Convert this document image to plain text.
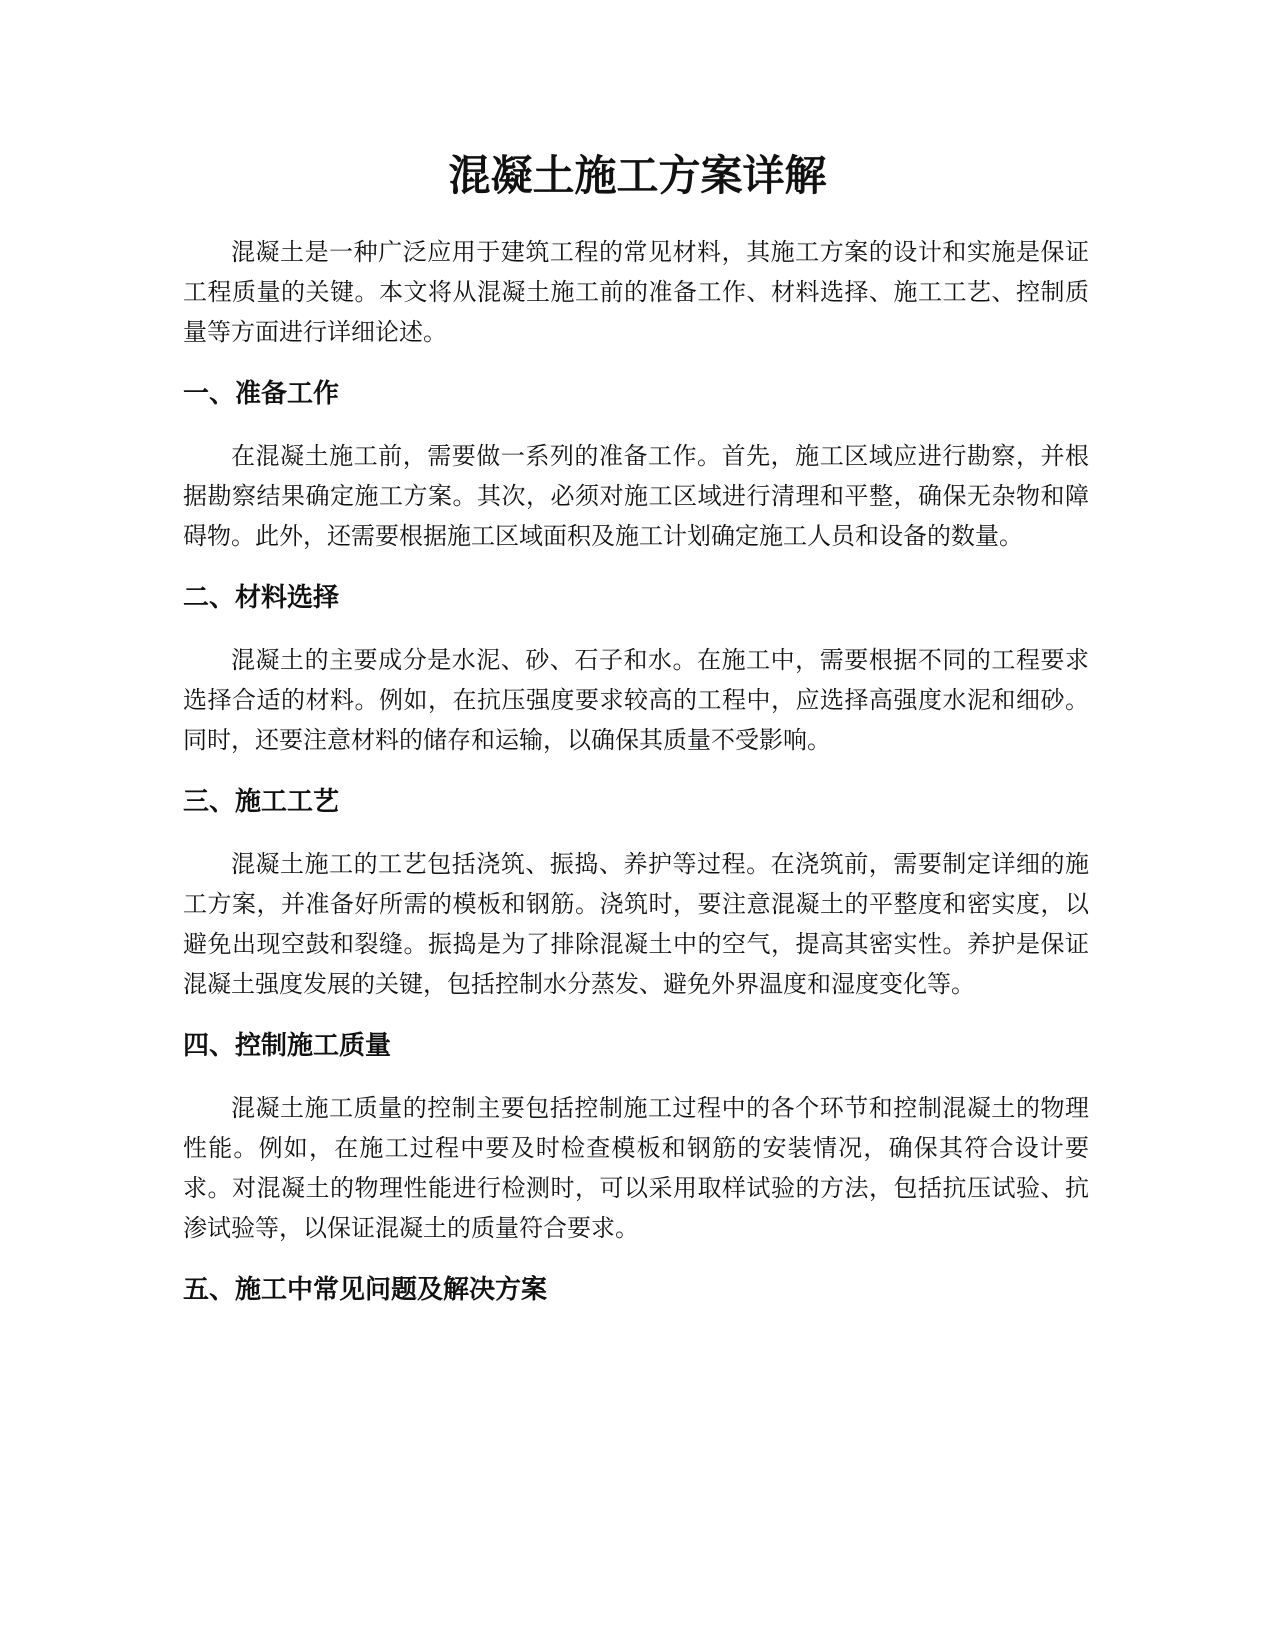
混凝土施工方案详解

混凝土是一种广泛应用于建筑工程的常见材料，其施工方案的设计和实施是保证工程质量的关键。本文将从混凝土施工前的准备工作、材料选择、施工工艺、控制质量等方面进行详细论述。

一、准备工作

在混凝土施工前，需要做一系列的准备工作。首先，施工区域应进行勘察，并根据勘察结果确定施工方案。其次，必须对施工区域进行清理和平整，确保无杂物和障碍物。此外，还需要根据施工区域面积及施工计划确定施工人员和设备的数量。

二、材料选择

混凝土的主要成分是水泥、砂、石子和水。在施工中，需要根据不同的工程要求选择合适的材料。例如，在抗压强度要求较高的工程中，应选择高强度水泥和细砂。同时，还要注意材料的储存和运输，以确保其质量不受影响。

三、施工工艺

混凝土施工的工艺包括浇筑、振捣、养护等过程。在浇筑前，需要制定详细的施工方案，并准备好所需的模板和钢筋。浇筑时，要注意混凝土的平整度和密实度，以避免出现空鼓和裂缝。振捣是为了排除混凝土中的空气，提高其密实性。养护是保证混凝土强度发展的关键，包括控制水分蒸发、避免外界温度和湿度变化等。

四、控制施工质量

混凝土施工质量的控制主要包括控制施工过程中的各个环节和控制混凝土的物理性能。例如，在施工过程中要及时检查模板和钢筋的安装情况，确保其符合设计要求。对混凝土的物理性能进行检测时，可以采用取样试验的方法，包括抗压试验、抗渗试验等，以保证混凝土的质量符合要求。

五、施工中常见问题及解决方案
